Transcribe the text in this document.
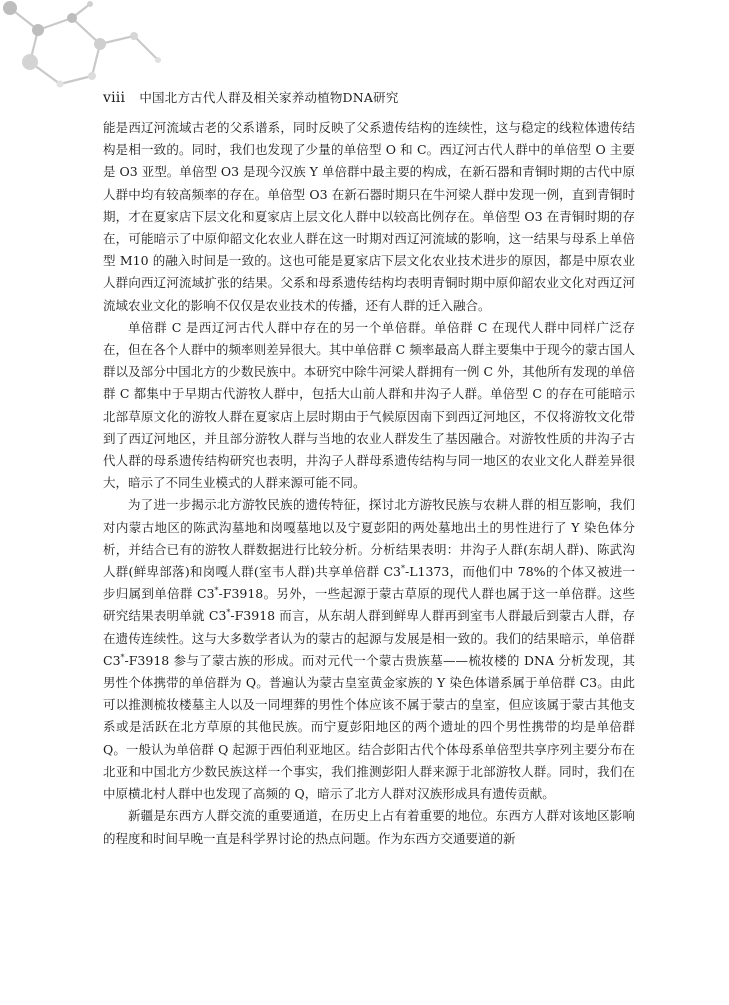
viii 中国北方古代人群及相关家养动植物DNA研究

能是西辽河流域古老的父系谱系，同时反映了父系遗传结构的连续性，这与稳定的线粒体遗传结构是相一致的。同时，我们也发现了少量的单倍型 O 和 C。西辽河古代人群中的单倍型 O 主要是 O3 亚型。单倍型 O3 是现今汉族 Y 单倍群中最主要的构成，在新石器和青铜时期的古代中原人群中均有较高频率的存在。单倍型 O3 在新石器时期只在牛河梁人群中发现一例，直到青铜时期，才在夏家店下层文化和夏家店上层文化人群中以较高比例存在。单倍型 O3 在青铜时期的存在，可能暗示了中原仰韶文化农业人群在这一时期对西辽河流域的影响，这一结果与母系上单倍型 M10 的融入时间是一致的。这也可能是夏家店下层文化农业技术进步的原因，都是中原农业人群向西辽河流域扩张的结果。父系和母系遗传结构均表明青铜时期中原仰韶农业文化对西辽河流域农业文化的影响不仅仅是农业技术的传播，还有人群的迁入融合。

单倍群 C 是西辽河古代人群中存在的另一个单倍群。单倍群 C 在现代人群中同样广泛存在，但在各个人群中的频率则差异很大。其中单倍群 C 频率最高人群主要集中于现今的蒙古国人群以及部分中国北方的少数民族中。本研究中除牛河梁人群拥有一例 C 外，其他所有发现的单倍群 C 都集中于早期古代游牧人群中，包括大山前人群和井沟子人群。单倍型 C 的存在可能暗示北部草原文化的游牧人群在夏家店上层时期由于气候原因南下到西辽河地区，不仅将游牧文化带到了西辽河地区，并且部分游牧人群与当地的农业人群发生了基因融合。对游牧性质的井沟子古代人群的母系遗传结构研究也表明，井沟子人群母系遗传结构与同一地区的农业文化人群差异很大，暗示了不同生业模式的人群来源可能不同。

为了进一步揭示北方游牧民族的遗传特征，探讨北方游牧民族与农耕人群的相互影响，我们对内蒙古地区的陈武沟墓地和岗嘎墓地以及宁夏彭阳的两处墓地出土的男性进行了 Y 染色体分析，并结合已有的游牧人群数据进行比较分析。分析结果表明：井沟子人群(东胡人群)、陈武沟人群(鲜卑部落)和岗嘎人群(室韦人群)共享单倍群 C3*-L1373，而他们中 78%的个体又被进一步归属到单倍群 C3*-F3918。另外，一些起源于蒙古草原的现代人群也属于这一单倍群。这些研究结果表明单就 C3*-F3918 而言，从东胡人群到鲜卑人群再到室韦人群最后到蒙古人群，存在遗传连续性。这与大多数学者认为的蒙古的起源与发展是相一致的。我们的结果暗示，单倍群 C3*-F3918 参与了蒙古族的形成。而对元代一个蒙古贵族墓——梳妆楼的 DNA 分析发现，其男性个体携带的单倍群为 Q。普遍认为蒙古皇室黄金家族的 Y 染色体谱系属于单倍群 C3。由此可以推测梳妆楼墓主人以及一同埋葬的男性个体应该不属于蒙古的皇室，但应该属于蒙古其他支系或是活跃在北方草原的其他民族。而宁夏彭阳地区的两个遗址的四个男性携带的均是单倍群 Q。一般认为单倍群 Q 起源于西伯利亚地区。结合彭阳古代个体母系单倍型共享序列主要分布在北亚和中国北方少数民族这样一个事实，我们推测彭阳人群来源于北部游牧人群。同时，我们在中原横北村人群中也发现了高频的 Q，暗示了北方人群对汉族形成具有遗传贡献。

新疆是东西方人群交流的重要通道，在历史上占有着重要的地位。东西方人群对该地区影响的程度和时间早晚一直是科学界讨论的热点问题。作为东西方交通要道的新
